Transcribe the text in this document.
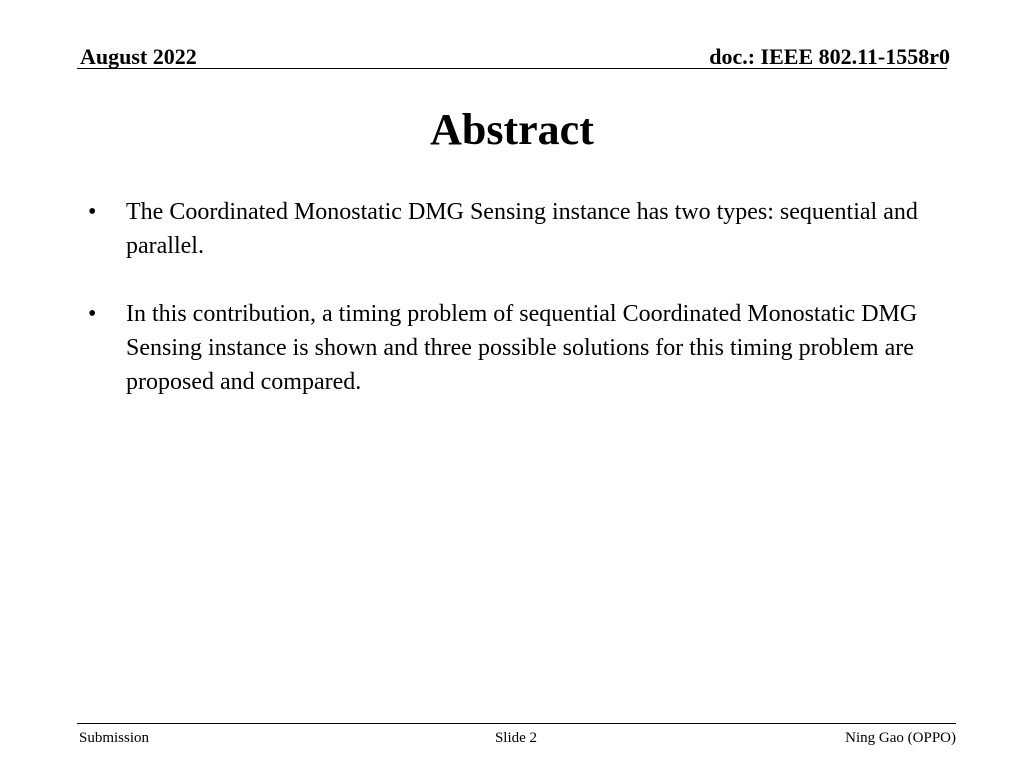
August 2022	doc.: IEEE 802.11-1558r0
Abstract
•	The Coordinated Monostatic DMG Sensing instance has two types: sequential and parallel.
•	In this contribution, a timing problem of sequential Coordinated Monostatic DMG Sensing instance is shown and three possible solutions for this timing problem are proposed and compared.
Submission	Slide 2	Ning Gao (OPPO)
